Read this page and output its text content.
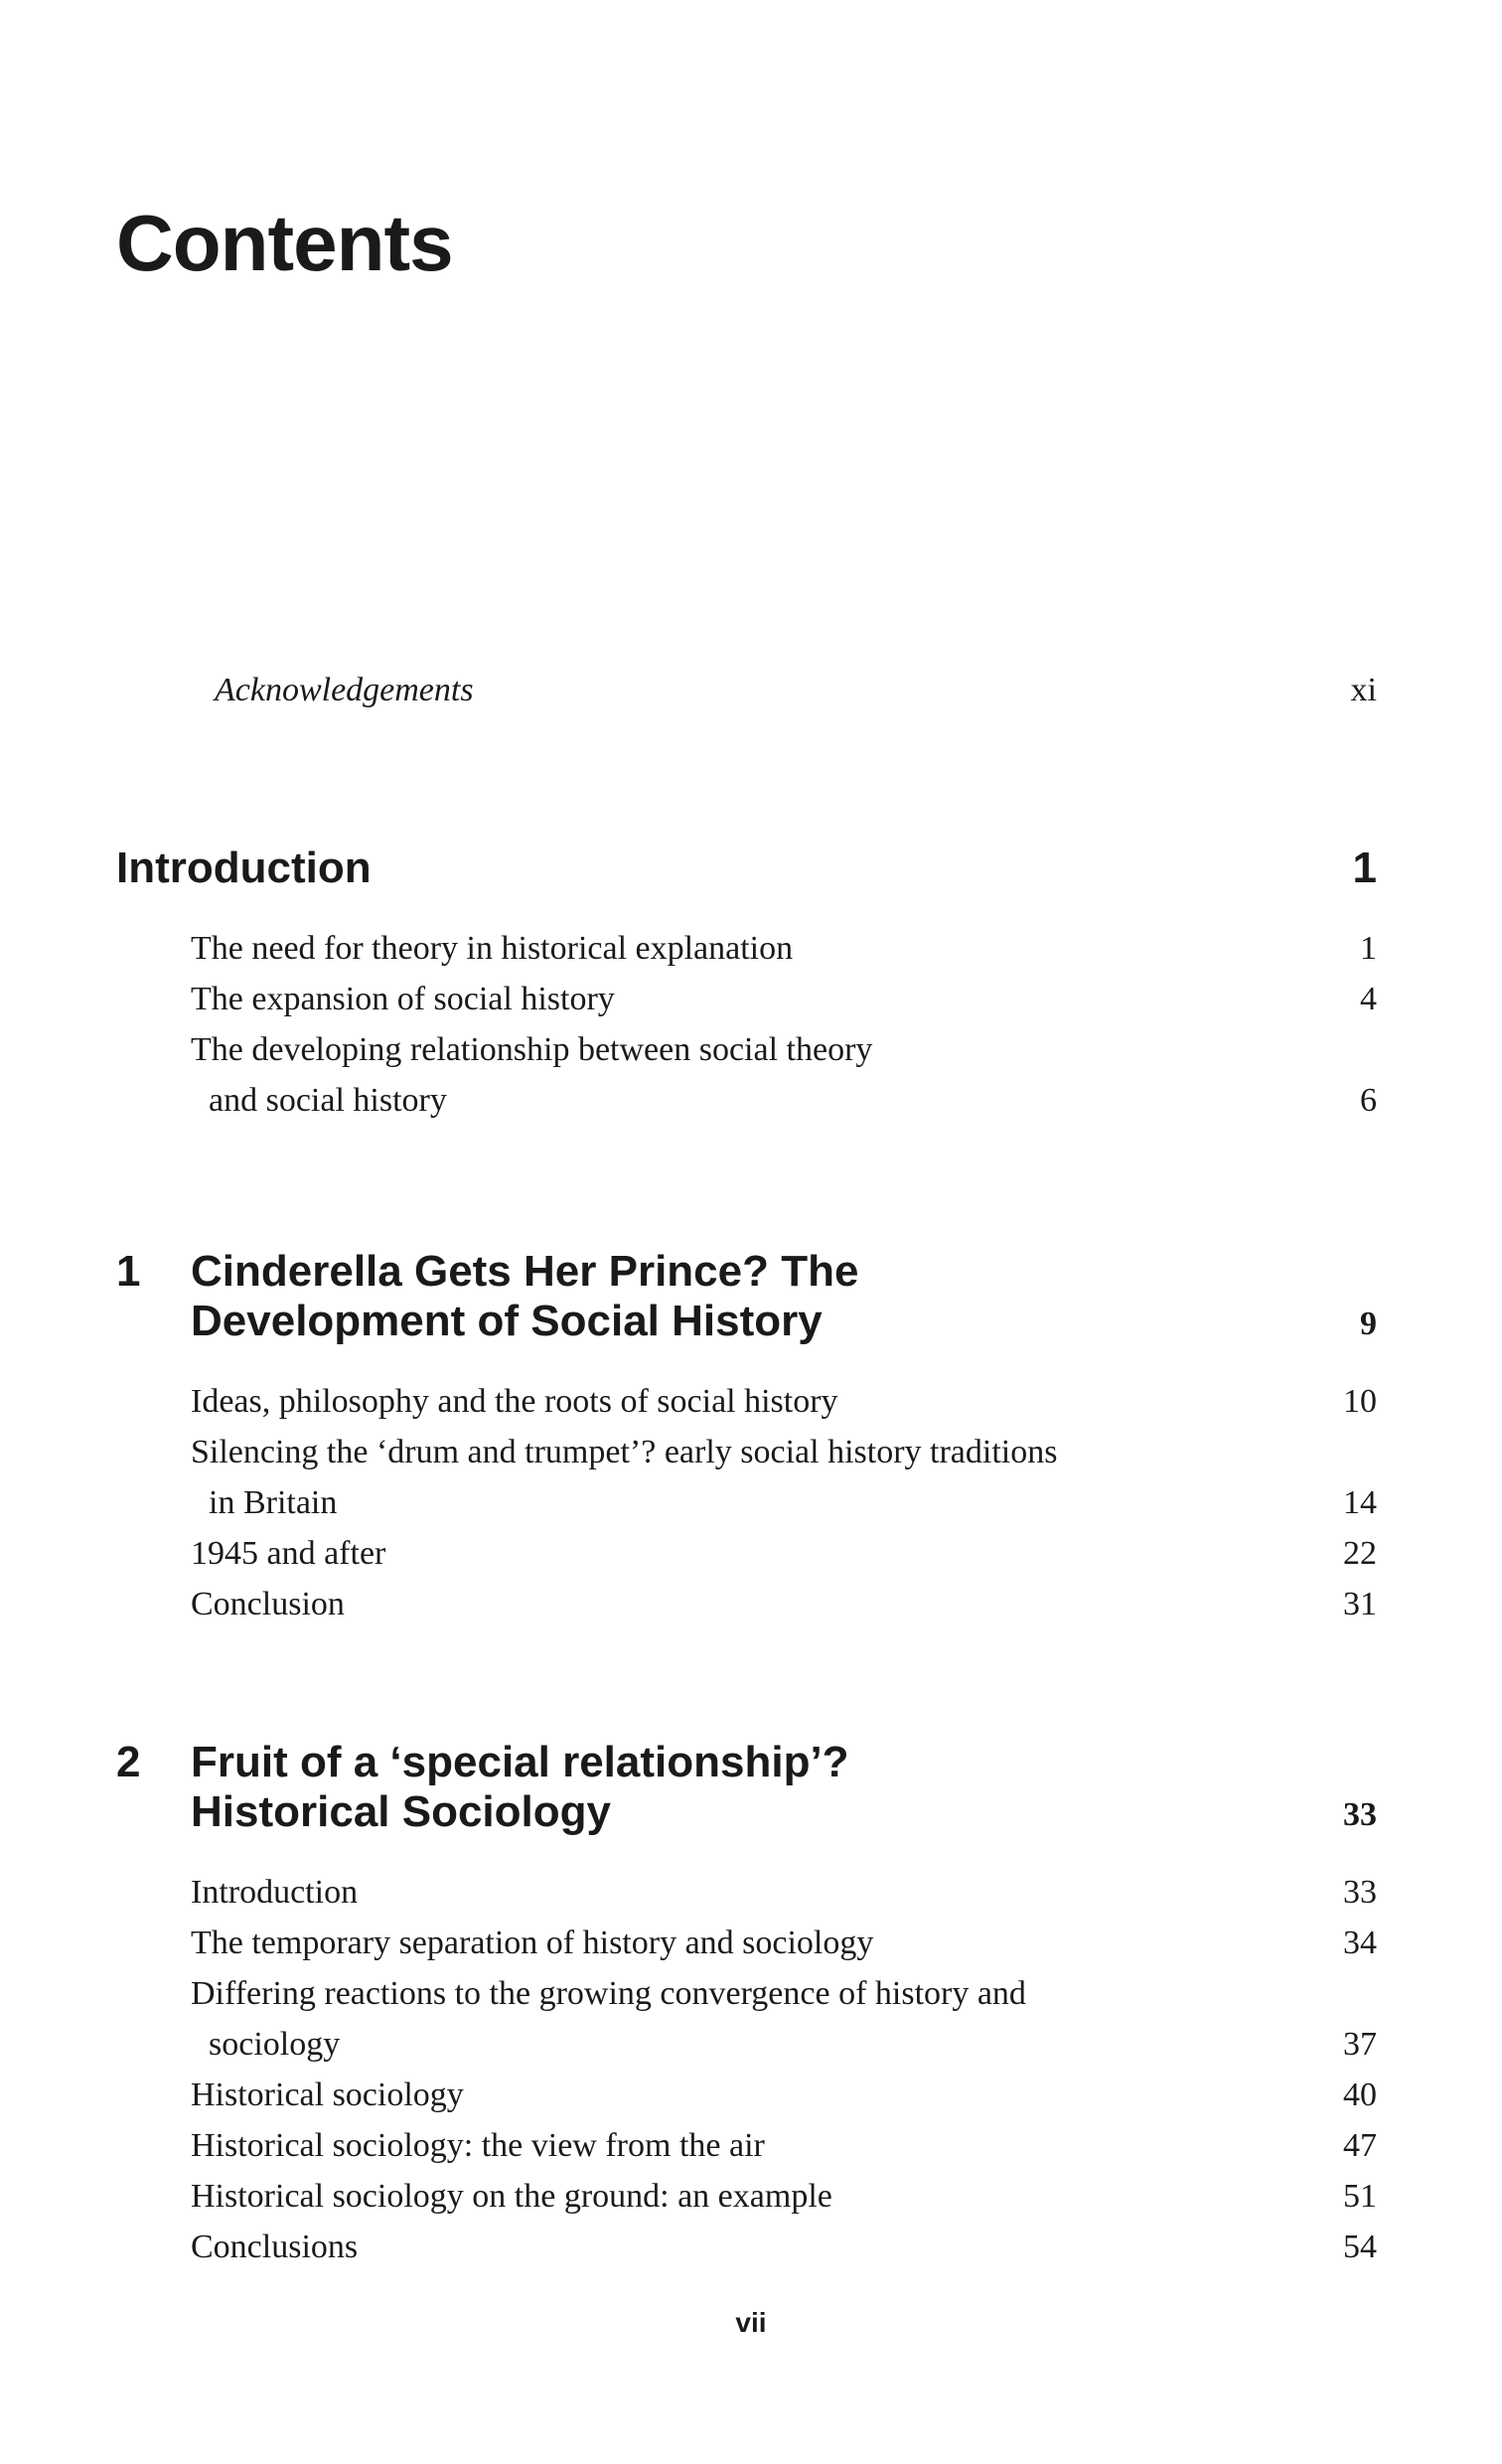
Contents
Acknowledgements	xi
Introduction	1
The need for theory in historical explanation	1
The expansion of social history	4
The developing relationship between social theory and social history	6
1 Cinderella Gets Her Prince? The
Development of Social History	9
Ideas, philosophy and the roots of social history	10
Silencing the ‘drum and trumpet’? early social history traditions in Britain	14
1945 and after	22
Conclusion	31
2 Fruit of a ‘special relationship’?
Historical Sociology	33
Introduction	33
The temporary separation of history and sociology	34
Differing reactions to the growing convergence of history and sociology	37
Historical sociology	40
Historical sociology: the view from the air	47
Historical sociology on the ground: an example	51
Conclusions	54
vii
